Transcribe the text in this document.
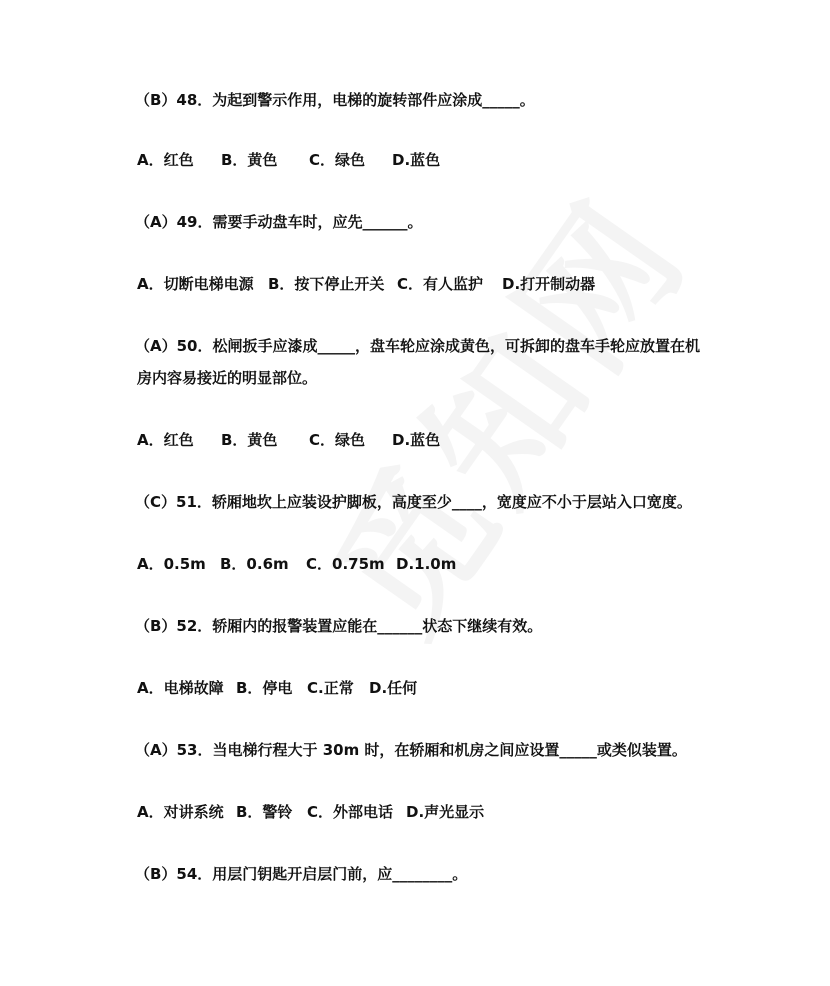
（B）48．为起到警示作用，电梯的旋转部件应涂成_____。
A．红色 B．黄色 C．绿色 D.蓝色
（A）49．需要手动盘车时，应先______。
A．切断电梯电源 B．按下停止开关 C．有人监护 D.打开制动器
（A）50．松闸扳手应漆成_____，盘车轮应涂成黄色，可拆卸的盘车手轮应放置在机
房内容易接近的明显部位。
A．红色 B．黄色 C．绿色 D.蓝色
（C）51．轿厢地坎上应装设护脚板，高度至少____，宽度应不小于层站入口宽度。
A．0.5m B．0.6m C．0.75m D.1.0m
（B）52．轿厢内的报警装置应能在______状态下继续有效。
A．电梯故障 B．停电 C.正常 D.任何
（A）53．当电梯行程大于 30m 时，在轿厢和机房之间应设置_____或类似装置。
A．对讲系统 B．警铃 C．外部电话 D.声光显示
（B）54．用层门钥匙开启层门前，应________。
